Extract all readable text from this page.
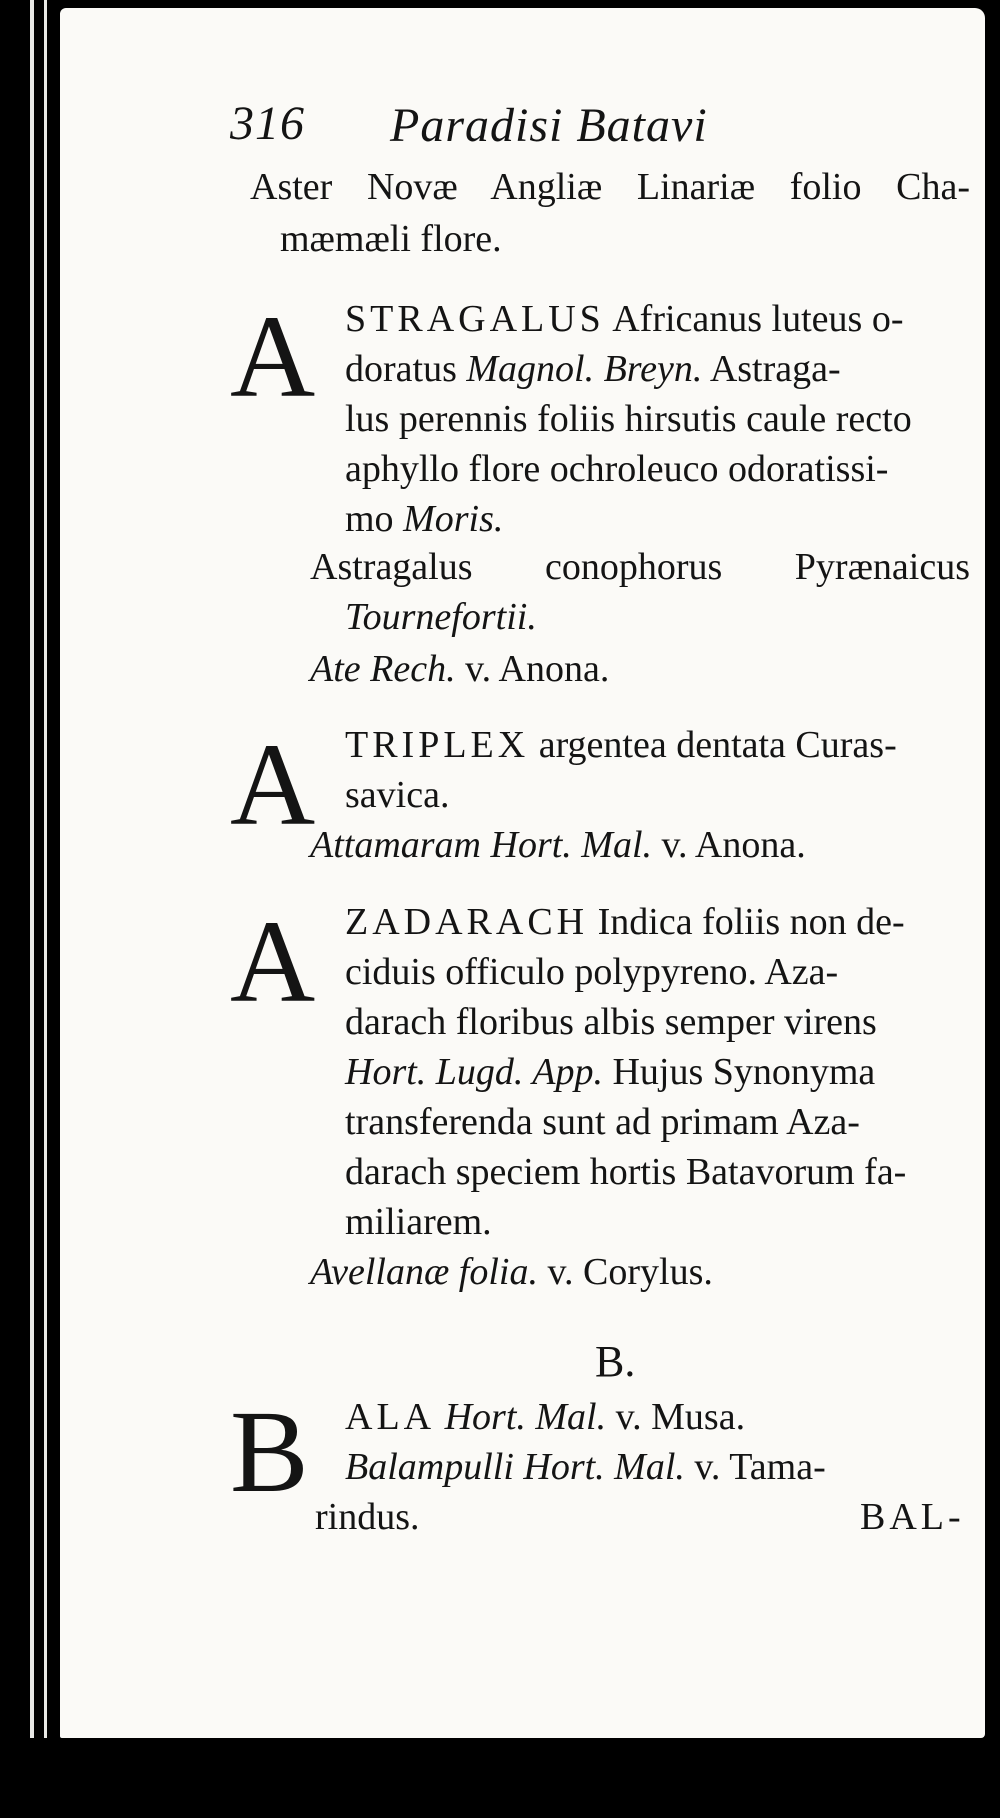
316 Paradisi Batavi
Aster Novæ Angliæ Linariæ folio Cha-
mæmæli flore.
A STRAGALUS Africanus luteus o-
doratus Magnol. Breyn. Astraga-
lus perennis foliis hirsutis caule recto
aphyllo flore ochroleuco odoratissi-
mo Moris.
Astragalus conophorus Pyrænaicus
Tournefortii.
Ate Rech. v. Anona.
A TRIPLEX argentea dentata Curas-
savica.
Attamaram Hort. Mal. v. Anona.
A ZADARACH Indica foliis non de-
ciduis officulo polypyreno. Aza-
darach floribus albis semper virens
Hort. Lugd. App. Hujus Synonyma
transferenda sunt ad primam Aza-
darach speciem hortis Batavorum fa-
miliarem.
Avellanæ folia. v. Corylus.
B.
B ALA Hort. Mal. v. Musa.
Balampulli Hort. Mal. v. Tama-
rindus.	BAL-
